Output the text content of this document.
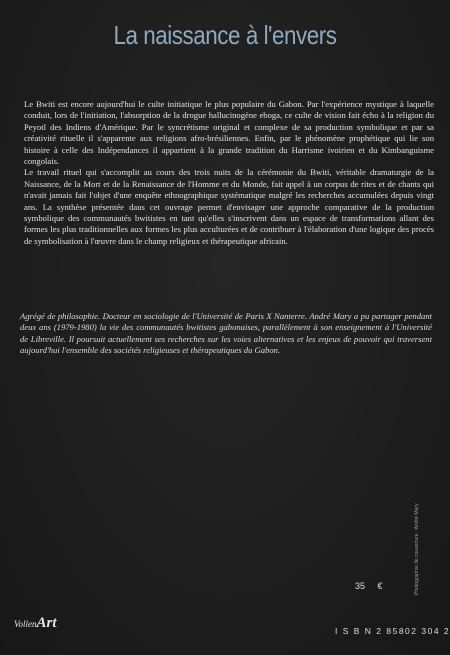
La naissance à l'envers

Le Bwiti est encore aujourd'hui le culte initiatique le plus populaire du Gabon. Par l'expérience mystique à laquelle conduit, lors de l'initiation, l'absorption de la drogue hallucinogène eboga, ce culte de vision fait écho à la religion du Peyotl des Indiens d'Amérique. Par le syncrétisme original et complexe de sa production symbolique et par sa créativité rituelle il s'apparente aux religions afro-brésiliennes. Enfin, par le phénomène prophétique qui lie son histoire à celle des Indépendances il appartient à la grande tradition du Harrisme ivoirien et du Kimbanguisme congolais.

Le travail rituel qui s'accomplit au cours des trois nuits de la cérémonie du Bwiti, véritable dramaturgie de la Naissance, de la Mort et de la Renaissance de l'Homme et du Monde, fait appel à un corpus de rites et de chants qui n'avait jamais fait l'objet d'une enquête ethnographique systématique malgré les recherches accumulées depuis vingt ans. La synthèse présentée dans cet ouvrage permet d'envisager une approche comparative de la production symbolique des communautés bwitistes en tant qu'elles s'inscrivent dans un espace de transformations allant des formes les plus traditionnelles aux formes les plus acculturées et de contribuer à l'élaboration d'une logique des procès de symbolisation à l'œuvre dans le champ religieux et thérapeutique africain.

Agrégé de philosophie. Docteur en sociologie de l'Université de Paris X Nanterre. André Mary a pu partager pendant deux ans (1979-1980) la vie des communautés bwitistes gabonaises, parallèlement à son enseignement à l'Université de Libreville. Il poursuit actuellement ses recherches sur les voies alternatives et les enjeux de pouvoir qui traversent aujourd'hui l'ensemble des sociétés religieuses et thérapeutiques du Gabon.

Photographie de couverture : André Mary
35 €
I S B N 2 85802 304 2
VollenArt
